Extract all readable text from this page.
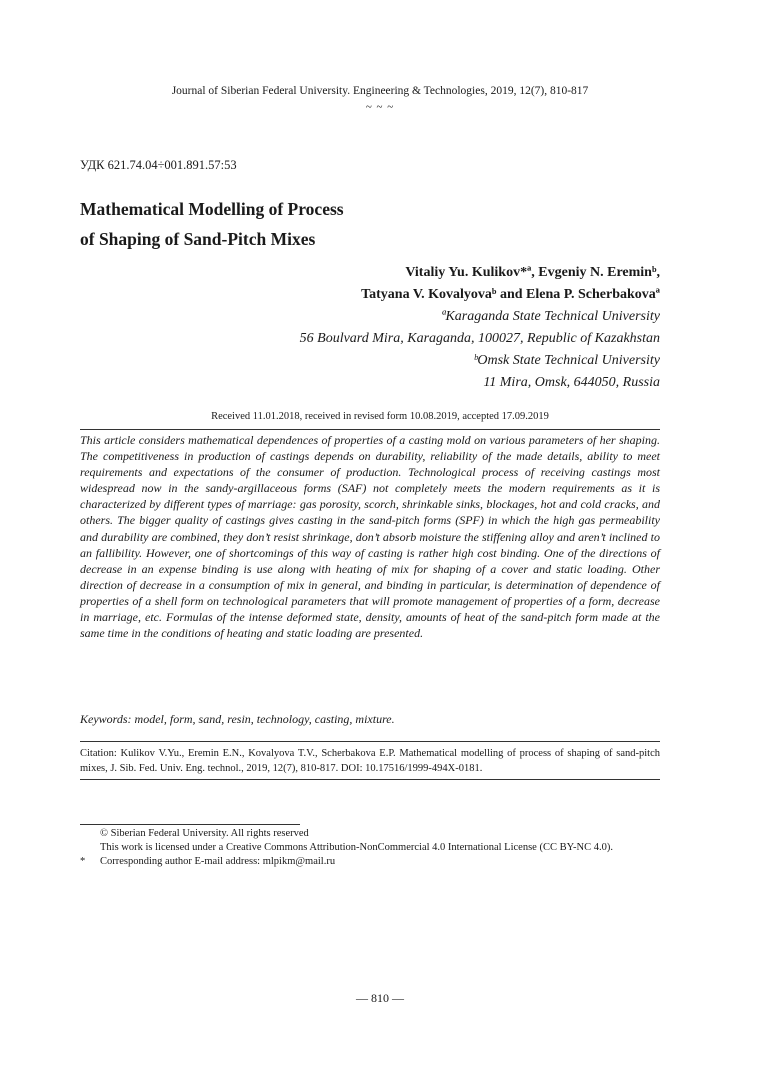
Journal of Siberian Federal University. Engineering & Technologies, 2019, 12(7), 810-817
~ ~ ~
УДК 621.74.04÷001.891.57:53
Mathematical Modelling of Process
of Shaping of Sand-Pitch Mixes
Vitaliy Yu. Kulikov*ª, Evgeniy N. Ereminᵇ,
Tatyana V. Kovalyovaᵇ and Elena P. Scherbakovaª
ªKaraganda State Technical University
56 Boulvard Mira, Karaganda, 100027, Republic of Kazakhstan
ᵇOmsk State Technical University
11 Mira, Omsk, 644050, Russia
Received 11.01.2018, received in revised form 10.08.2019, accepted 17.09.2019
This article considers mathematical dependences of properties of a casting mold on various parameters of her shaping. The competitiveness in production of castings depends on durability, reliability of the made details, ability to meet requirements and expectations of the consumer of production. Technological process of receiving castings most widespread now in the sandy-argillaceous forms (SAF) not completely meets the modern requirements as it is characterized by different types of marriage: gas porosity, scorch, shrinkable sinks, blockages, hot and cold cracks, and others. The bigger quality of castings gives casting in the sand-pitch forms (SPF) in which the high gas permeability and durability are combined, they don’t resist shrinkage, don’t absorb moisture the stiffening alloy and aren’t inclined to an fallibility. However, one of shortcomings of this way of casting is rather high cost binding. One of the directions of decrease in an expense binding is use along with heating of mix for shaping of a cover and static loading. Other direction of decrease in a consumption of mix in general, and binding in particular, is determination of dependence of properties of a shell form on technological parameters that will promote management of properties of a form, decrease in marriage, etc. Formulas of the intense deformed state, density, amounts of heat of the sand-pitch form made at the same time in the conditions of heating and static loading are presented.
Keywords: model, form, sand, resin, technology, casting, mixture.
Citation: Kulikov V.Yu., Eremin E.N., Kovalyova T.V., Scherbakova E.P. Mathematical modelling of process of shaping of sand-pitch mixes, J. Sib. Fed. Univ. Eng. technol., 2019, 12(7), 810-817. DOI: 10.17516/1999-494X-0181.
© Siberian Federal University. All rights reserved
This work is licensed under a Creative Commons Attribution-NonCommercial 4.0 International License (CC BY-NC 4.0).
* Corresponding author E-mail address: mlpikm@mail.ru
— 810 —
